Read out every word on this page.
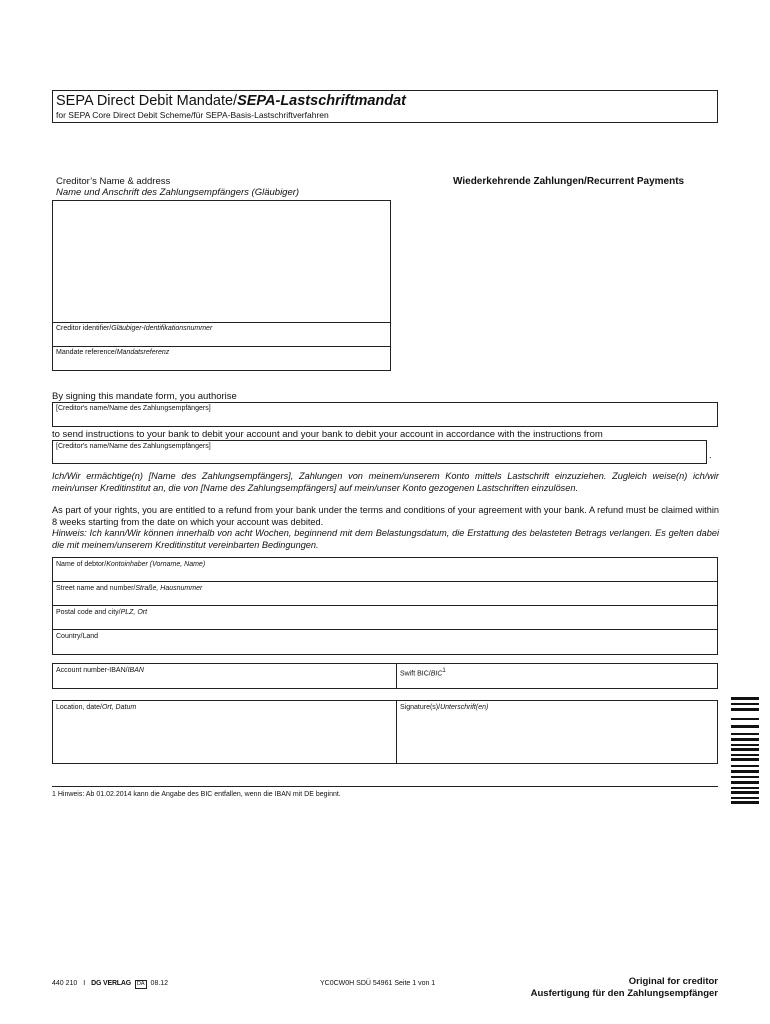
SEPA Direct Debit Mandate/SEPA-Lastschriftmandat
for SEPA Core Direct Debit Scheme/für SEPA-Basis-Lastschriftverfahren
Creditor’s Name & address
Name und Anschrift des Zahlungsempfängers (Gläubiger)
Wiederkehrende Zahlungen/Recurrent Payments
Creditor identifier/Gläubiger-Identifikationsnummer
Mandate reference/Mandatsreferenz
By signing this mandate form, you authorise
[Creditor's name/Name des Zahlungsempfängers]
to send instructions to your bank to debit your account and your bank to debit your account in accordance with the instructions from
[Creditor's name/Name des Zahlungsempfängers]
.
Ich/Wir ermächtige(n) [Name des Zahlungsempfängers], Zahlungen von meinem/unserem Konto mittels Lastschrift einzuziehen. Zugleich weise(n) ich/wir mein/unser Kreditinstitut an, die von [Name des Zahlungsempfängers] auf mein/unser Konto gezogenen Lastschriften einzulösen.
As part of your rights, you are entitled to a refund from your bank under the terms and conditions of your agreement with your bank. A refund must be claimed within 8 weeks starting from the date on which your account was debited.
Hinweis: Ich kann/Wir können innerhalb von acht Wochen, beginnend mit dem Belastungsdatum, die Erstattung des belasteten Betrags verlangen. Es gelten dabei die mit meinem/unserem Kreditinstitut vereinbarten Bedingungen.
Name of debtor/Kontoinhaber (Vorname, Name)
Street name and number/Straße, Hausnummer
Postal code and city/PLZ, Ort
Country/Land
Account number-IBAN/IBAN	Swift BIC/BIC$^1$
Location, date/Ort, Datum	Signature(s)/Unterschrift(en)
1 Hinweis: Ab 01.02.2014 kann die Angabe des BIC entfallen, wenn die IBAN mit DE beginnt.
440 210 I DG VERLAG DA 08.12	YC0CW0H SDÜ 54961 Seite 1 von 1	Original for creditor
Ausfertigung für den Zahlungsempfänger
